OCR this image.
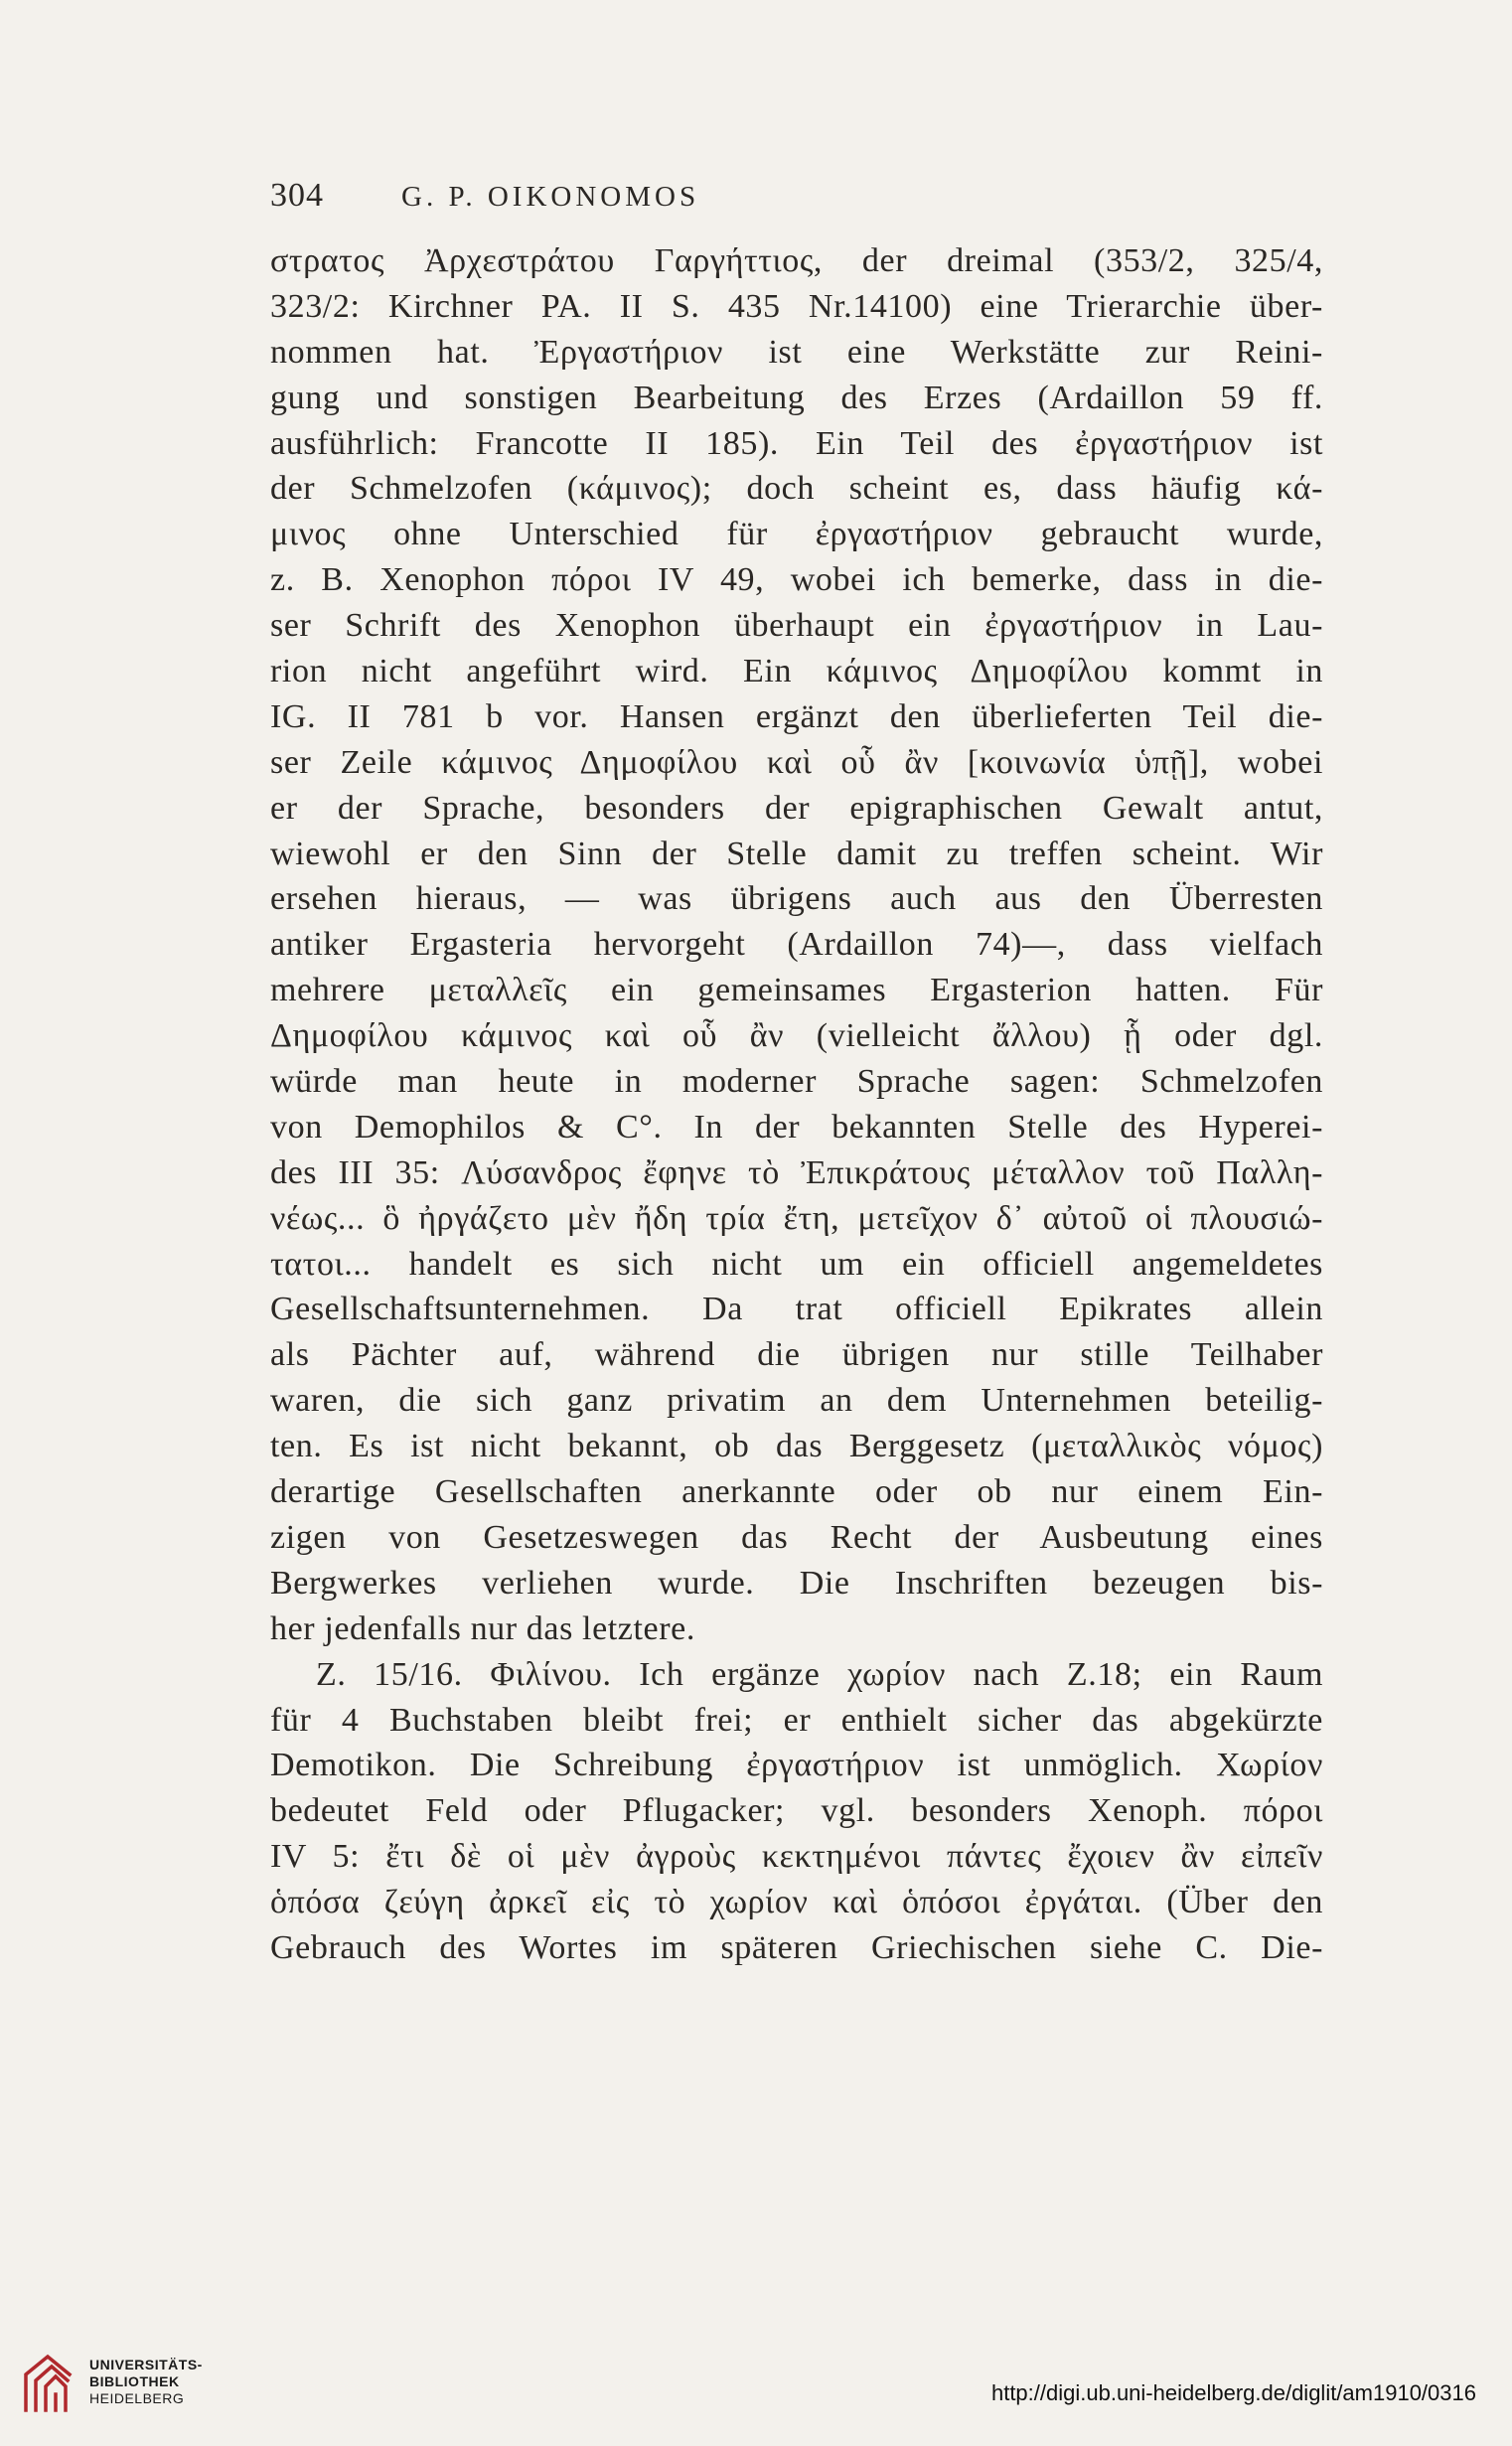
304	G. P. OIKONOMOS
στρατος Ἀρχεστράτου Γαργήττιος, der dreimal (353/2, 325/4,
323/2: Kirchner PA. II S. 435 Nr.14100) eine Trierarchie über-
nommen hat. Ἐργαστήριον ist eine Werkstätte zur Reini-
gung und sonstigen Bearbeitung des Erzes (Ardaillon 59 ff.
ausführlich: Francotte II 185). Ein Teil des ἐργαστήριον ist
der Schmelzofen (κάμινος); doch scheint es, dass häufig κά-
μινος ohne Unterschied für ἐργαστήριον gebraucht wurde,
z. B. Xenophon πόροι IV 49, wobei ich bemerke, dass in die-
ser Schrift des Xenophon überhaupt ein ἐργαστήριον in Lau-
rion nicht angeführt wird. Ein κάμινος Δημοφίλου kommt in
IG. II 781 b vor. Hansen ergänzt den überlieferten Teil die-
ser Zeile κάμινος Δημοφίλου καὶ οὗ ἂν [κοινωνία ὑπῇ], wobei
er der Sprache, besonders der epigraphischen Gewalt antut,
wiewohl er den Sinn der Stelle damit zu treffen scheint. Wir
ersehen hieraus, — was übrigens auch aus den Überresten
antiker Ergasteria hervorgeht (Ardaillon 74)—, dass vielfach
mehrere μεταλλεῖς ein gemeinsames Ergasterion hatten. Für
Δημοφίλου κάμινος καὶ οὗ ἂν (vielleicht ἄλλου) ᾗ oder dgl.
würde man heute in moderner Sprache sagen: Schmelzofen
von Demophilos & C°. In der bekannten Stelle des Hyperei-
des III 35: Λύσανδρος ἔφηνε τὸ Ἐπικράτους μέταλλον τοῦ Παλλη-
νέως... ὃ ἠργάζετο μὲν ἤδη τρία ἔτη, μετεῖχον δ᾽ αὐτοῦ οἱ πλουσιώ-
τατοι... handelt es sich nicht um ein officiell angemeldetes
Gesellschaftsunternehmen. Da trat officiell Epikrates allein
als Pächter auf, während die übrigen nur stille Teilhaber
waren, die sich ganz privatim an dem Unternehmen beteilig-
ten. Es ist nicht bekannt, ob das Berggesetz (μεταλλικὸς νόμος)
derartige Gesellschaften anerkannte oder ob nur einem Ein-
zigen von Gesetzeswegen das Recht der Ausbeutung eines
Bergwerkes verliehen wurde. Die Inschriften bezeugen bis-
her jedenfalls nur das letztere.
Z. 15/16. Φιλίνου. Ich ergänze χωρίον nach Z.18; ein Raum
für 4 Buchstaben bleibt frei; er enthielt sicher das abgekürzte
Demotikon. Die Schreibung ἐργαστήριον ist unmöglich. Χωρίον
bedeutet Feld oder Pflugacker; vgl. besonders Xenoph. πόροι
IV 5: ἔτι δὲ οἱ μὲν ἀγροὺς κεκτημένοι πάντες ἔχοιεν ἂν εἰπεῖν
ὁπόσα ζεύγη ἀρκεῖ εἰς τὸ χωρίον καὶ ὁπόσοι ἐργάται. (Über den
Gebrauch des Wortes im späteren Griechischen siehe C. Die-
UNIVERSITÄTS-
BIBLIOTHEK
HEIDELBERG	http://digi.ub.uni-heidelberg.de/diglit/am1910/0316
